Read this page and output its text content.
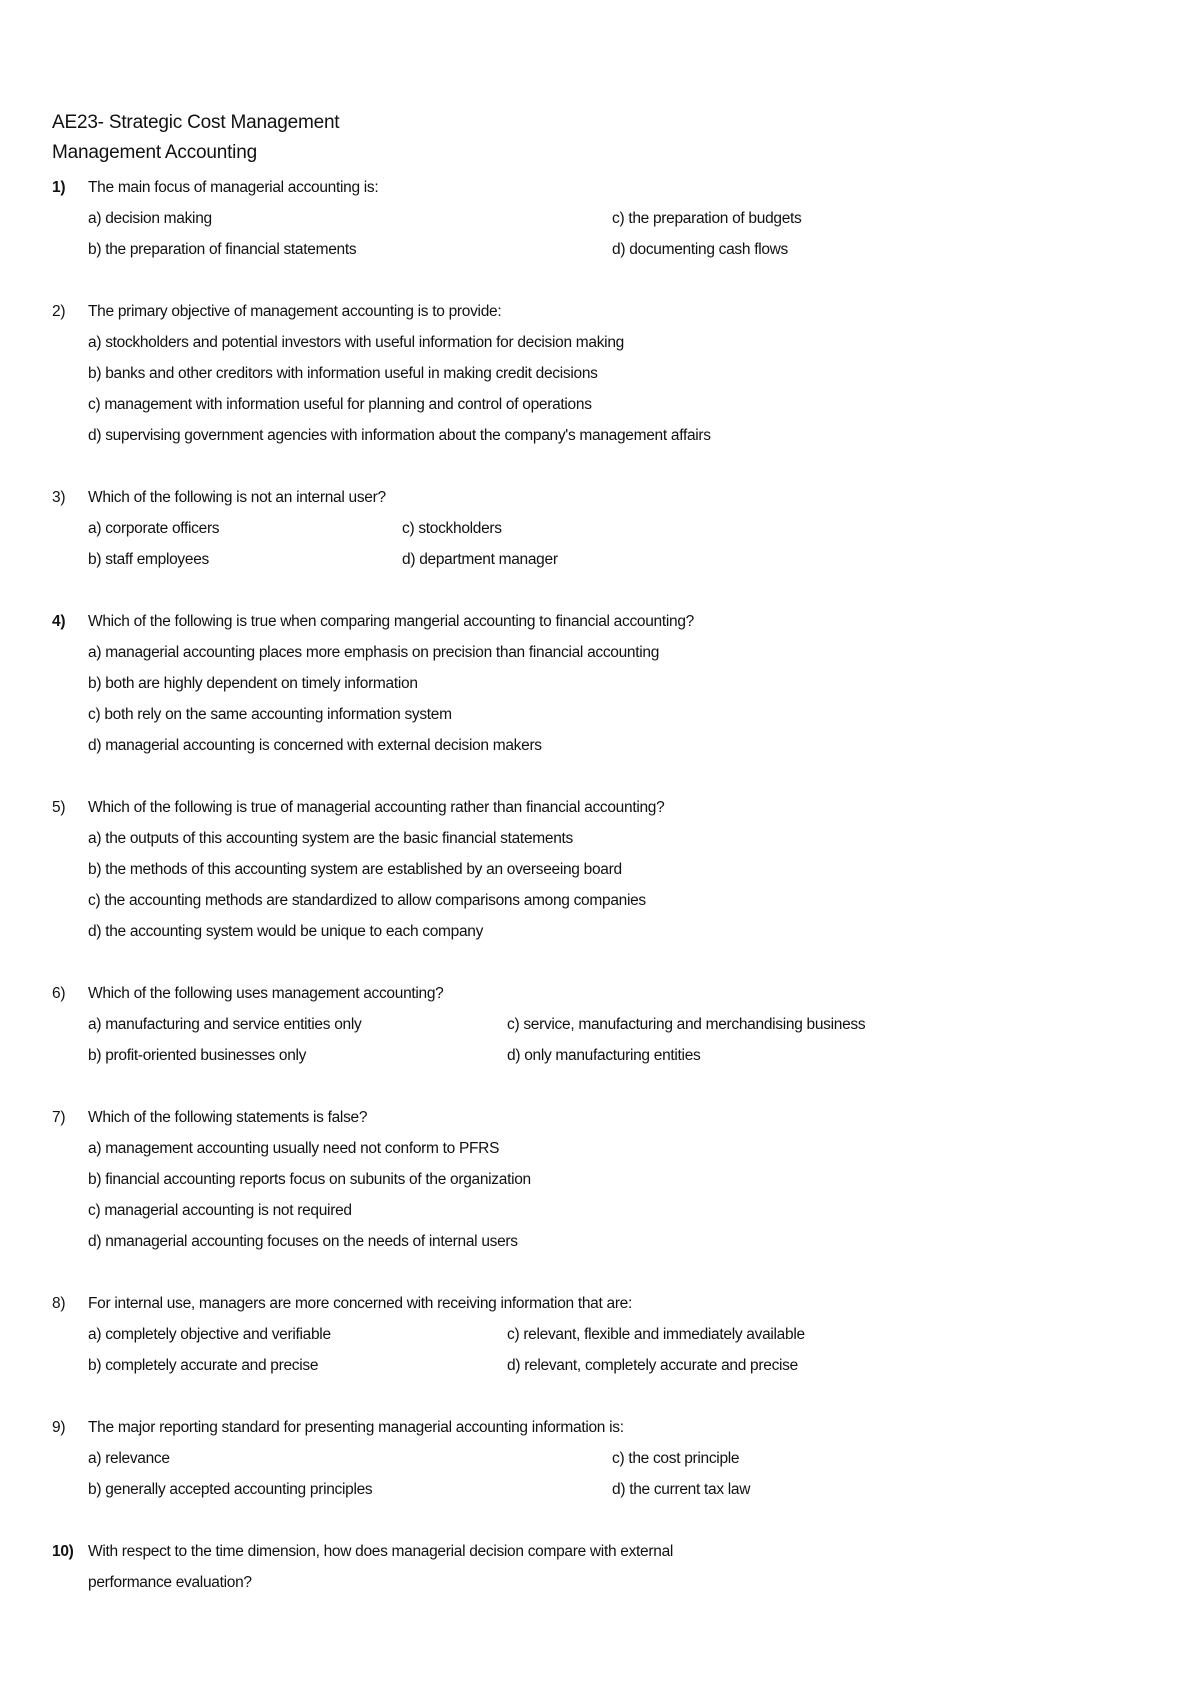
AE23- Strategic Cost Management
Management Accounting
1) The main focus of managerial accounting is:
a) decision making	c) the preparation of budgets
b) the preparation of financial statements	d) documenting cash flows
2) The primary objective of management accounting is to provide:
a) stockholders and potential investors with useful information for decision making
b) banks and other creditors with information useful in making credit decisions
c) management with information useful for planning and control of operations
d) supervising government agencies with information about the company's management affairs
3) Which of the following is not an internal user?
a) corporate officers	c) stockholders
b) staff employees	d) department manager
4) Which of the following is true when comparing mangerial accounting to financial accounting?
a) managerial accounting places more emphasis on precision than financial accounting
b) both are highly dependent on timely information
c) both rely on the same accounting information system
d) managerial accounting is concerned with external decision makers
5) Which of the following is true of managerial accounting rather than financial accounting?
a) the outputs of this accounting system are the basic financial statements
b) the methods of this accounting system are established by an overseeing board
c) the accounting methods are standardized to allow comparisons among companies
d) the accounting system would be unique to each company
6) Which of the following uses management accounting?
a) manufacturing and service entities only	c) service, manufacturing and merchandising business
b) profit-oriented businesses only	d) only manufacturing entities
7) Which of the following statements is false?
a) management accounting usually need not conform to PFRS
b) financial accounting reports focus on subunits of the organization
c) managerial accounting is not required
d) nmanagerial accounting focuses on the needs of internal users
8) For internal use, managers are more concerned with receiving information that are:
a) completely objective and verifiable	c) relevant, flexible and immediately available
b) completely accurate and precise	d) relevant, completely accurate and precise
9) The major reporting standard for presenting managerial accounting information is:
a) relevance	c) the cost principle
b) generally accepted accounting principles	d) the current tax law
10) With respect to the time dimension, how does managerial decision compare with external
performance evaluation?
